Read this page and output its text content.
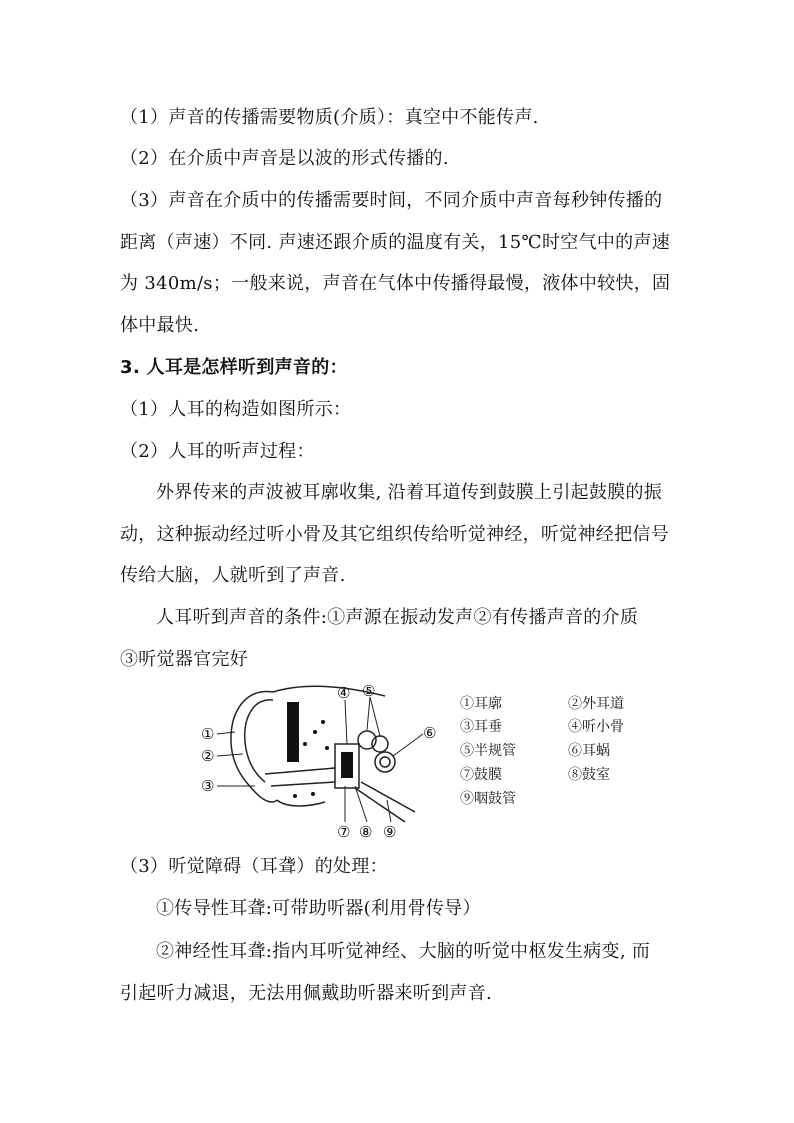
（1）声音的传播需要物质(介质）：真空中不能传声.
（2）在介质中声音是以波的形式传播的.
（3）声音在介质中的传播需要时间，不同介质中声音每秒钟传播的
距离（声速）不同. 声速还跟介质的温度有关，15℃时空气中的声速
为 340m/s；一般来说，声音在气体中传播得最慢，液体中较快，固
体中最快.
3. 人耳是怎样听到声音的：
（1）人耳的构造如图所示：
（2）人耳的听声过程：
外界传来的声波被耳廓收集, 沿着耳道传到鼓膜上引起鼓膜的振
动，这种振动经过听小骨及其它组织传给听觉神经，听觉神经把信号
传给大脑，人就听到了声音.
人耳听到声音的条件:①声源在振动发声②有传播声音的介质
③听觉器官完好
①
②
③
④ ⑤
⑥
⑦ ⑧ ⑨
①耳廓	②外耳道
③耳垂	④听小骨
⑤半规管	⑥耳蜗
⑦鼓膜	⑧鼓室
⑨咽鼓管
（3）听觉障碍（耳聋）的处理：
①传导性耳聋:可带助听器(利用骨传导）
②神经性耳聋:指内耳听觉神经、大脑的听觉中枢发生病变, 而
引起听力减退，无法用佩戴助听器来听到声音.
